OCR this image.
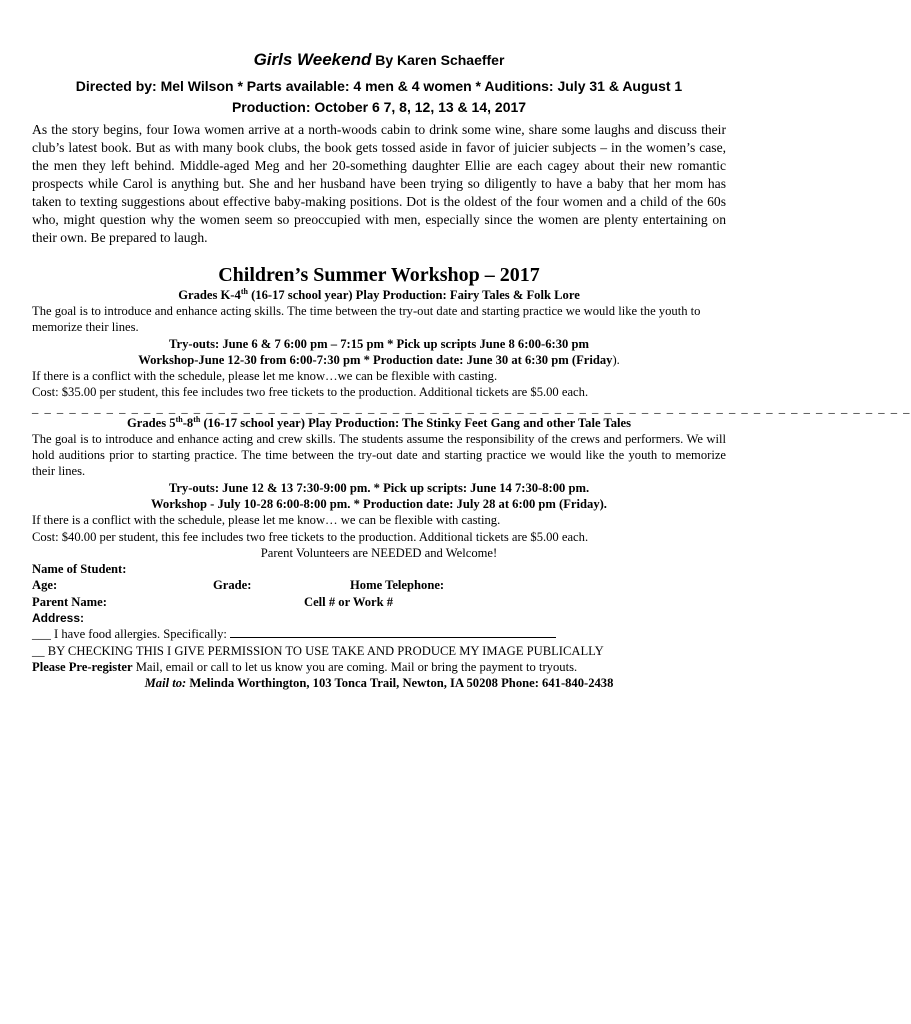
Girls Weekend By Karen Schaeffer
Directed by: Mel Wilson * Parts available: 4 men & 4 women * Auditions: July 31 & August 1
Production: October 6 7, 8, 12, 13 & 14, 2017
As the story begins, four Iowa women arrive at a north-woods cabin to drink some wine, share some laughs and discuss their club’s latest book. But as with many book clubs, the book gets tossed aside in favor of juicier subjects – in the women’s case, the men they left behind. Middle-aged Meg and her 20-something daughter Ellie are each cagey about their new romantic prospects while Carol is anything but. She and her husband have been trying so diligently to have a baby that her mom has taken to texting suggestions about effective baby-making positions. Dot is the oldest of the four women and a child of the 60s who, might question why the women seem so preoccupied with men, especially since the women are plenty entertaining on their own. Be prepared to laugh.
Children’s Summer Workshop – 2017
Grades K-4th (16-17 school year) Play Production: Fairy Tales & Folk Lore
The goal is to introduce and enhance acting skills. The time between the try-out date and starting practice we would like the youth to memorize their lines.
Try-outs: June 6 & 7 6:00 pm – 7:15 pm * Pick up scripts June 8 6:00-6:30 pm
Workshop-June 12-30 from 6:00-7:30 pm * Production date: June 30 at 6:30 pm (Friday).
If there is a conflict with the schedule, please let me know…we can be flexible with casting.
Cost: $35.00 per student, this fee includes two free tickets to the production. Additional tickets are $5.00 each.
_ _ _ _ _ _ _ _ _ _ _ _ _ _ _ _ _ _ _ _ _ _ _ _ _ _ _ _ _ _ _ _ _ _ _ _ _ _ _ _ _ _ _ _ _ _ _ _ _ _ _ _ _ _ _ _ _ _ _ _ _ _ _ _ _ _ _ _ _ _ _
Grades 5th-8th (16-17 school year) Play Production: The Stinky Feet Gang and other Tale Tales
The goal is to introduce and enhance acting and crew skills. The students assume the responsibility of the crews and performers. We will hold auditions prior to starting practice. The time between the try-out date and starting practice we would like the youth to memorize their lines.
Try-outs: June 12 & 13 7:30-9:00 pm. * Pick up scripts: June 14 7:30-8:00 pm.
Workshop - July 10-28 6:00-8:00 pm. * Production date: July 28 at 6:00 pm (Friday).
If there is a conflict with the schedule, please let me know… we can be flexible with casting.
Cost: $40.00 per student, this fee includes two free tickets to the production. Additional tickets are $5.00 each.
Parent Volunteers are NEEDED and Welcome!
Name of Student:
Age:	Grade:	Home Telephone:
Parent Name:	Cell # or Work #
Address:
___ I have food allergies. Specifically:
__ BY CHECKING THIS I GIVE PERMISSION TO USE TAKE AND PRODUCE MY IMAGE PUBLICALLY
Please Pre-register Mail, email or call to let us know you are coming. Mail or bring the payment to tryouts.
Mail to: Melinda Worthington, 103 Tonca Trail, Newton, IA 50208 Phone: 641-840-2438
